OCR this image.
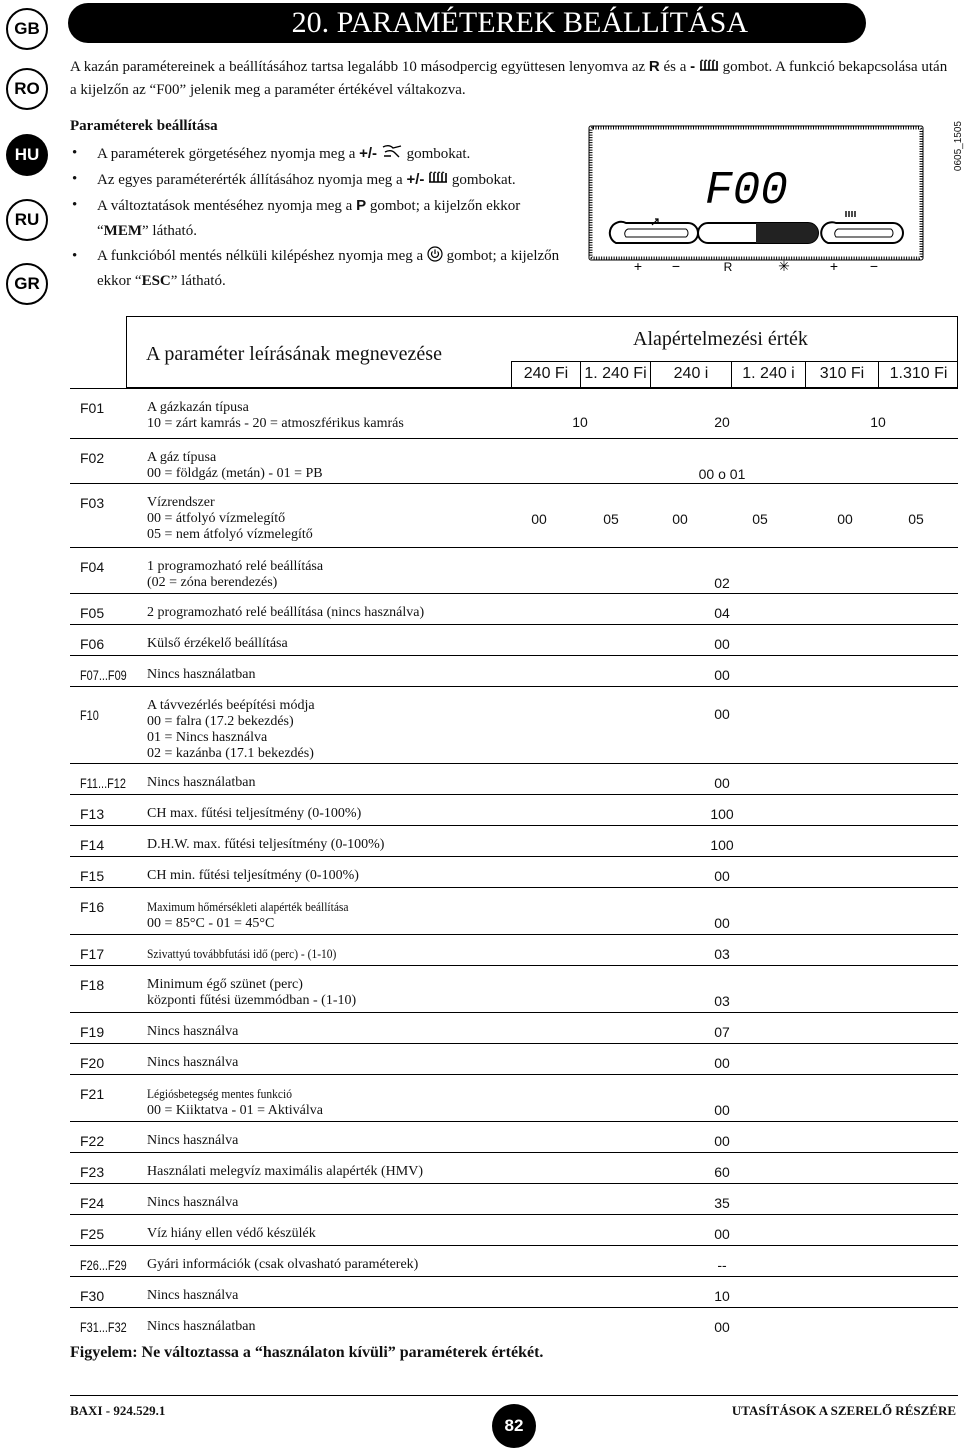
GB
RO
HU
RU
GR
20. PARAMÉTEREK BEÁLLÍTÁSA
A kazán paramétereinek a beállításához tartsa legalább 10 másodpercig együttesen lenyomva az R és a -  gombot. A funkció bekapcsolása után a kijelzőn az “F00” jelenik meg a paraméter értékével váltakozva.
Paraméterek beállítása
• A paraméterek görgetéséhez nyomja meg a +/-  gombokat.
• Az egyes paraméterérték állításához nyomja meg a +/-  gombokat.
• A változtatások mentéséhez nyomja meg a P gombot; a kijelzőn ekkor “MEM” látható.
• A funkcióból mentés nélküli kilépéshez nyomja meg a  gombot; a kijelzőn ekkor “ESC” látható.
F00
+ −	R	✳	+ −
0605_1505
A paraméter leírásának megnevezése
Alapértelmezési érték
240 Fi	1. 240 Fi	240 i	1. 240 i	310 Fi	1.310 Fi
F01	A gázkazán típusa
10 = zárt kamrás - 20 = atmoszférikus kamrás	10	20	10
F02	A gáz típusa
00 = földgáz (metán) - 01 = PB	00 o 01
F03	Vízrendszer
00 = átfolyó vízmelegítő
05 = nem átfolyó vízmelegítő
00	05	00	05	00	05
F04	1 programozható relé beállítása
(02 = zóna berendezés)	02
F05	2 programozható relé beállítása (nincs használva)	04
F06	Külső érzékelő beállítása	00
F07...F09 Nincs használatban	00
F10
A távvezérlés beépítési módja
00 = falra (17.2 bekezdés)
01 = Nincs használva
02 = kazánba (17.1 bekezdés)
00
F11...F12 Nincs használatban	00
F13	CH max. fűtési teljesítmény (0-100%)	100
F14	D.H.W. max. fűtési teljesítmény (0-100%)	100
F15	CH min. fűtési teljesítmény (0-100%)	00
F16	Maximum hőmérsékleti alapérték beállítása
00 = 85°C - 01 = 45°C	00
F17	Szivattyú továbbfutási idő (perc) - (1-10)	03
F18	Minimum égő szünet (perc)
központi fűtési üzemmódban - (1-10)	03
F19	Nincs használva	07
F20	Nincs használva	00
F21	Légiósbetegség mentes funkció
00 = Kiiktatva - 01 = Aktiválva	00
F22	Nincs használva	00
F23	Használati melegvíz maximális alapérték (HMV)	60
F24	Nincs használva	35
F25	Víz hiány ellen védő készülék	00
F26...F29 Gyári információk (csak olvasható paraméterek)	--
F30	Nincs használva	10
F31...F32 Nincs használatban	00
Figyelem: Ne változtassa a “használaton kívüli” paraméterek értékét.
BAXI - 924.529.1
82
UTASÍTÁSOK A SZERELŐ RÉSZÉRE
